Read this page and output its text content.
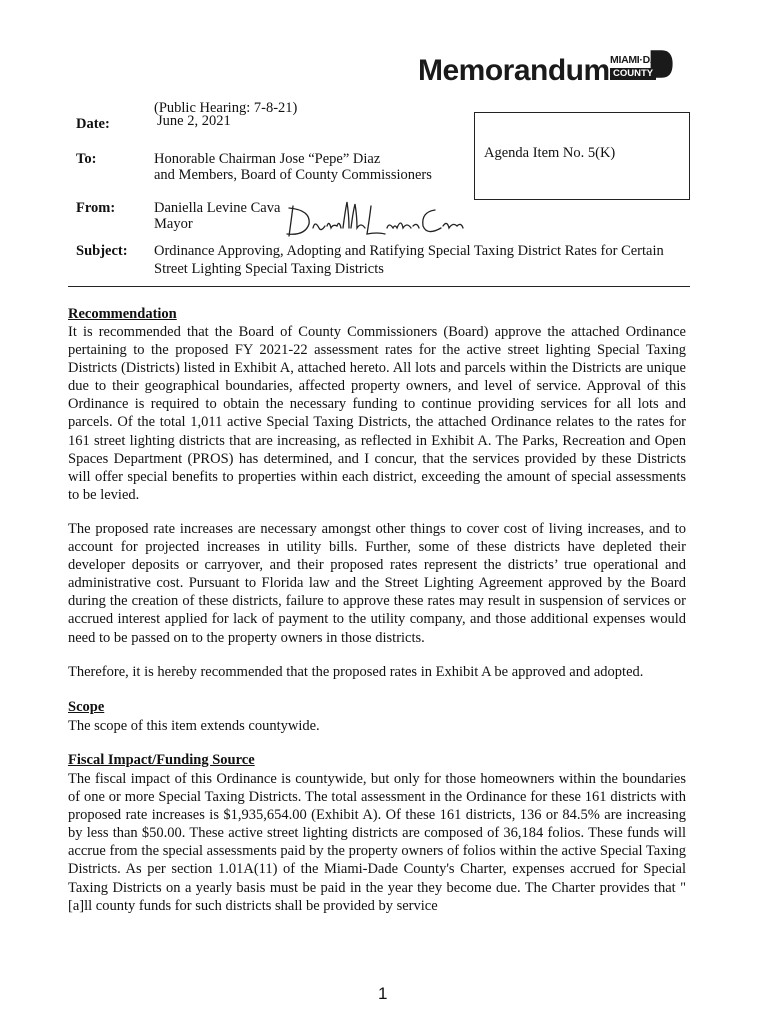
Memorandum MIAMI·DADE
COUNTY
(Public Hearing: 7-8-21)
Date:	June 2, 2021
To:	Honorable Chairman Jose “Pepe” Diaz
and Members, Board of County Commissioners
Agenda Item No. 5(K)
From:	Daniella Levine Cava
Mayor
Subject: Ordinance Approving, Adopting and Ratifying Special Taxing District Rates for Certain
Street Lighting Special Taxing Districts
Recommendation
It is recommended that the Board of County Commissioners (Board) approve the attached Ordinance pertaining to the proposed FY 2021-22 assessment rates for the active street lighting Special Taxing Districts (Districts) listed in Exhibit A, attached hereto. All lots and parcels within the Districts are unique due to their geographical boundaries, affected property owners, and level of service. Approval of this Ordinance is required to obtain the necessary funding to continue providing services for all lots and parcels. Of the total 1,011 active Special Taxing Districts, the attached Ordinance relates to the rates for 161 street lighting districts that are increasing, as reflected in Exhibit A. The Parks, Recreation and Open Spaces Department (PROS) has determined, and I concur, that the services provided by these Districts will offer special benefits to properties within each district, exceeding the amount of special assessments to be levied.
The proposed rate increases are necessary amongst other things to cover cost of living increases, and to account for projected increases in utility bills. Further, some of these districts have depleted their developer deposits or carryover, and their proposed rates represent the districts’ true operational and administrative cost. Pursuant to Florida law and the Street Lighting Agreement approved by the Board during the creation of these districts, failure to approve these rates may result in suspension of services or accrued interest applied for lack of payment to the utility company, and those additional expenses would need to be passed on to the property owners in those districts.
Therefore, it is hereby recommended that the proposed rates in Exhibit A be approved and adopted.
Scope
The scope of this item extends countywide.
Fiscal Impact/Funding Source
The fiscal impact of this Ordinance is countywide, but only for those homeowners within the boundaries of one or more Special Taxing Districts. The total assessment in the Ordinance for these 161 districts with proposed rate increases is $1,935,654.00 (Exhibit A). Of these 161 districts, 136 or 84.5% are increasing by less than $50.00. These active street lighting districts are composed of 36,184 folios. These funds will accrue from the special assessments paid by the property owners of folios within the active Special Taxing Districts. As per section 1.01A(11) of the Miami-Dade County's Charter, expenses accrued for Special Taxing Districts on a yearly basis must be paid in the year they become due. The Charter provides that "[a]ll county funds for such districts shall be provided by service
1
